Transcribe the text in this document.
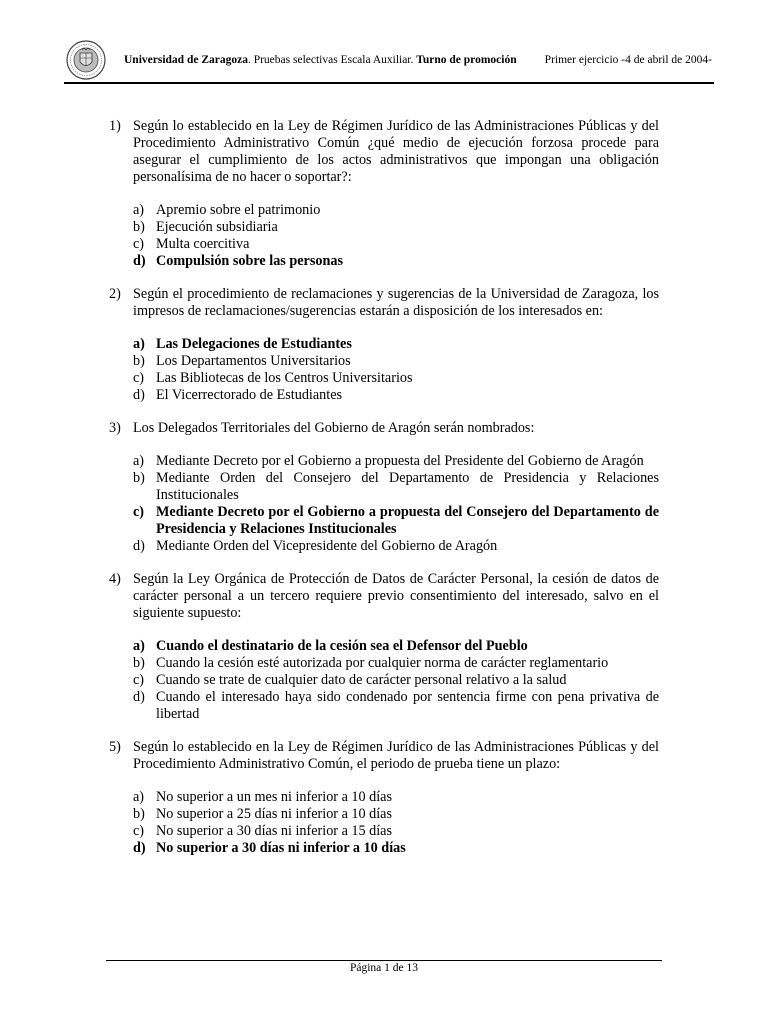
Universidad de Zaragoza. Pruebas selectivas Escala Auxiliar. Turno de promoción Primer ejercicio -4 de abril de 2004-
1) Según lo establecido en la Ley de Régimen Jurídico de las Administraciones Públicas y del Procedimiento Administrativo Común ¿qué medio de ejecución forzosa procede para asegurar el cumplimiento de los actos administrativos que impongan una obligación personalísima de no hacer o soportar?:
a) Apremio sobre el patrimonio
b) Ejecución subsidiaria
c) Multa coercitiva
d) Compulsión sobre las personas
2) Según el procedimiento de reclamaciones y sugerencias de la Universidad de Zaragoza, los impresos de reclamaciones/sugerencias estarán a disposición de los interesados en:
a) Las Delegaciones de Estudiantes
b) Los Departamentos Universitarios
c) Las Bibliotecas de los Centros Universitarios
d) El Vicerrectorado de Estudiantes
3) Los Delegados Territoriales del Gobierno de Aragón serán nombrados:
a) Mediante Decreto por el Gobierno a propuesta del Presidente del Gobierno de Aragón
b) Mediante Orden del Consejero del Departamento de Presidencia y Relaciones Institucionales
c) Mediante Decreto por el Gobierno a propuesta del Consejero del Departamento de Presidencia y Relaciones Institucionales
d) Mediante Orden del Vicepresidente del Gobierno de Aragón
4) Según la Ley Orgánica de Protección de Datos de Carácter Personal, la cesión de datos de carácter personal a un tercero requiere previo consentimiento del interesado, salvo en el siguiente supuesto:
a) Cuando el destinatario de la cesión sea el Defensor del Pueblo
b) Cuando la cesión esté autorizada por cualquier norma de carácter reglamentario
c) Cuando se trate de cualquier dato de carácter personal relativo a la salud
d) Cuando el interesado haya sido condenado por sentencia firme con pena privativa de libertad
5) Según lo establecido en la Ley de Régimen Jurídico de las Administraciones Públicas y del Procedimiento Administrativo Común, el periodo de prueba tiene un plazo:
a) No superior a un mes ni inferior a 10 días
b) No superior a 25 días ni inferior a 10 días
c) No superior a 30 días ni inferior a 15 días
d) No superior a 30 días ni inferior a 10 días
Página 1 de 13
